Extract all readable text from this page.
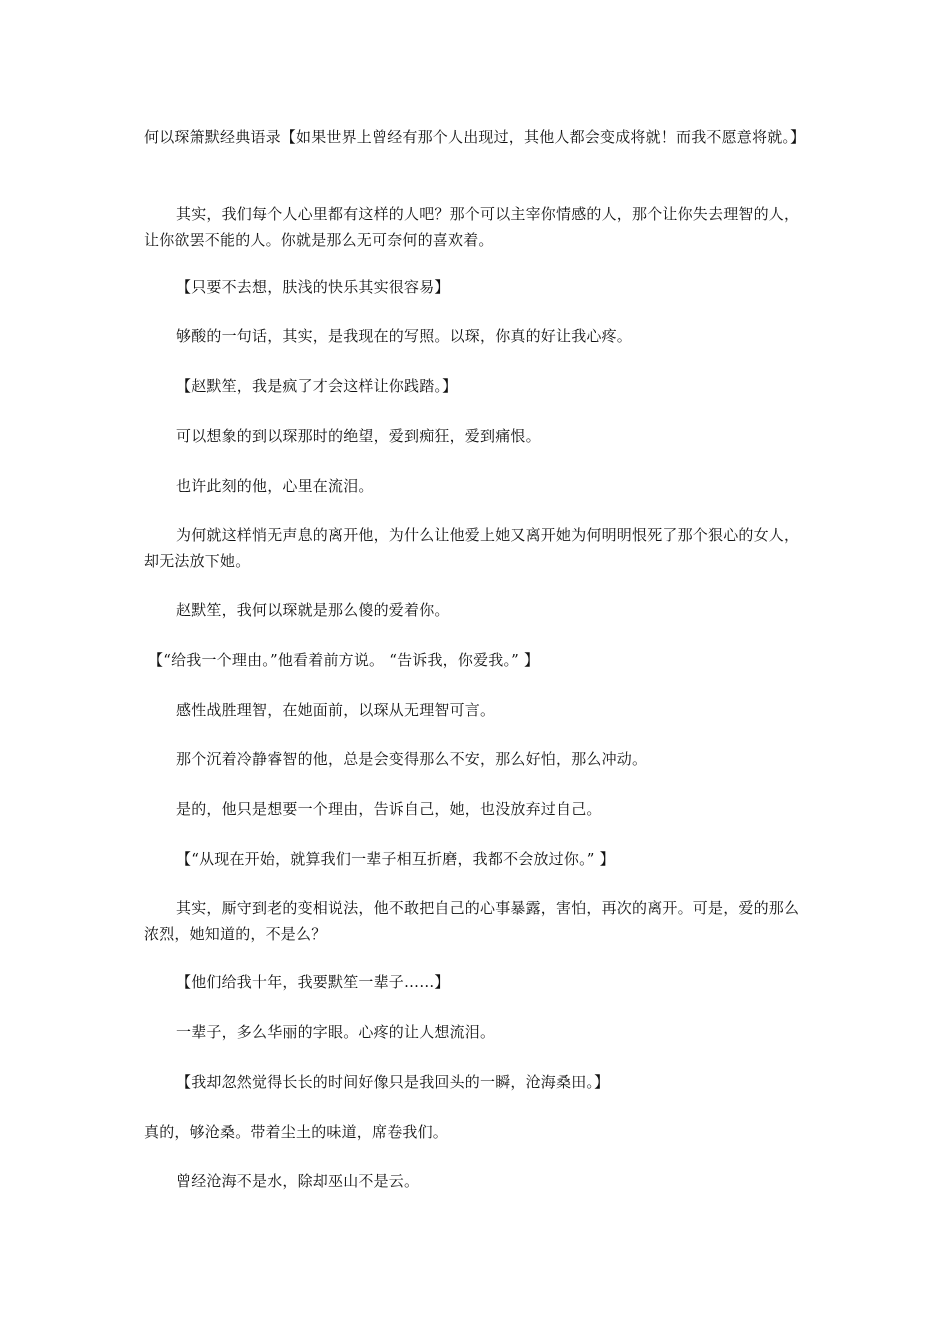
何以琛箫默经典语录【如果世界上曾经有那个人出现过，其他人都会变成将就！而我不愿意将就。】

其实，我们每个人心里都有这样的人吧？那个可以主宰你情感的人，那个让你失去理智的人，让你欲罢不能的人。你就是那么无可奈何的喜欢着。

【只要不去想，肤浅的快乐其实很容易】

够酸的一句话，其实，是我现在的写照。以琛，你真的好让我心疼。

【赵默笙，我是疯了才会这样让你践踏。】

可以想象的到以琛那时的绝望，爱到痴狂，爱到痛恨。

也许此刻的他，心里在流泪。

为何就这样悄无声息的离开他，为什么让他爱上她又离开她为何明明恨死了那个狠心的女人，却无法放下她。

赵默笙，我何以琛就是那么傻的爱着你。

【“给我一个理由。”他看着前方说。 “告诉我，你爱我。” 】

感性战胜理智，在她面前，以琛从无理智可言。

那个沉着冷静睿智的他，总是会变得那么不安，那么好怕，那么冲动。

是的，他只是想要一个理由，告诉自己，她，也没放弃过自己。

【“从现在开始，就算我们一辈子相互折磨，我都不会放过你。” 】

其实，厮守到老的变相说法，他不敢把自己的心事暴露，害怕，再次的离开。可是，爱的那么浓烈，她知道的，不是么？

【他们给我十年，我要默笙一辈子……】

一辈子，多么华丽的字眼。心疼的让人想流泪。

【我却忽然觉得长长的时间好像只是我回头的一瞬，沧海桑田。】

真的，够沧桑。带着尘土的味道，席卷我们。

曾经沧海不是水，除却巫山不是云。
